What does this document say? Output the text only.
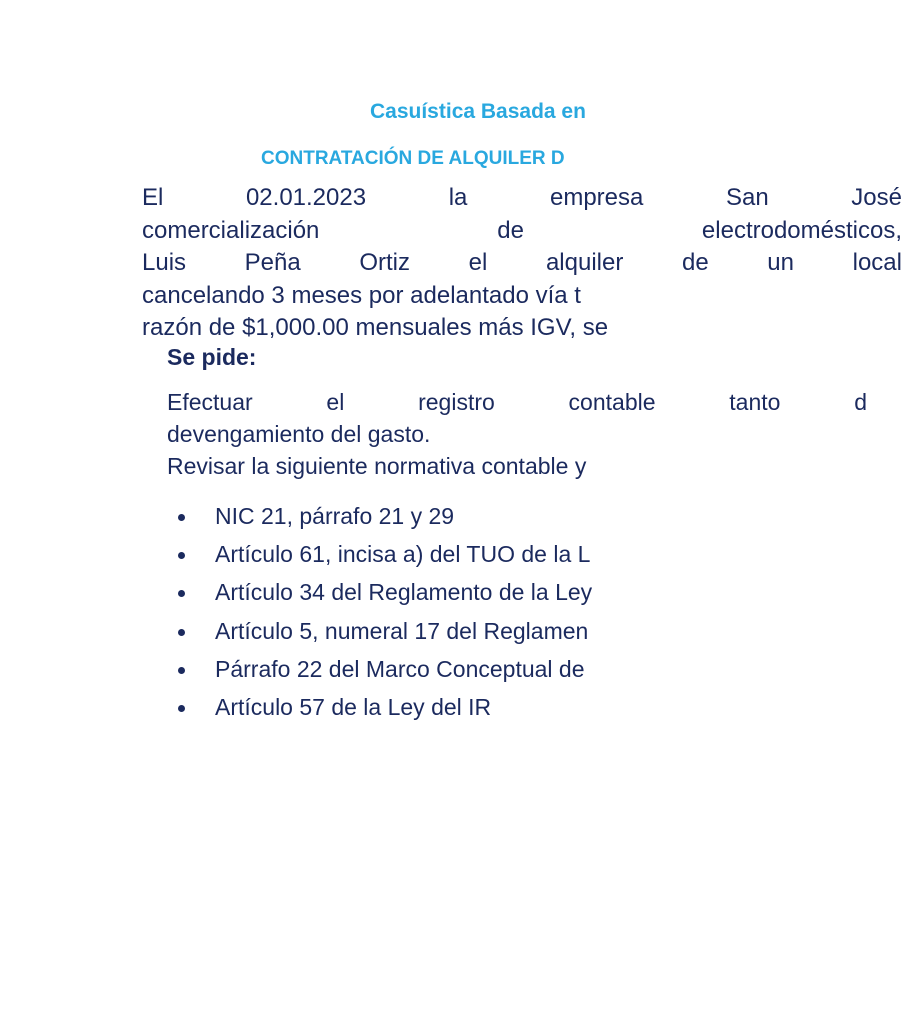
Casuística Basada en
CONTRATACIÓN DE ALQUILER D
El 02.01.2023 la empresa San José
comercialización de electrodomésticos,
Luis Peña Ortiz el alquiler de un local
cancelando 3 meses por adelantado vía t
razón de $1,000.00 mensuales más IGV, se
Se pide:
Efectuar el registro contable tanto d
devengamiento del gasto.
Revisar la siguiente normativa contable y
NIC 21, párrafo 21 y 29
Artículo 61, incisa a) del TUO de la L
Artículo 34 del Reglamento de la Ley
Artículo 5, numeral 17 del Reglamen
Párrafo 22 del Marco Conceptual de
Artículo 57 de la Ley del IR
